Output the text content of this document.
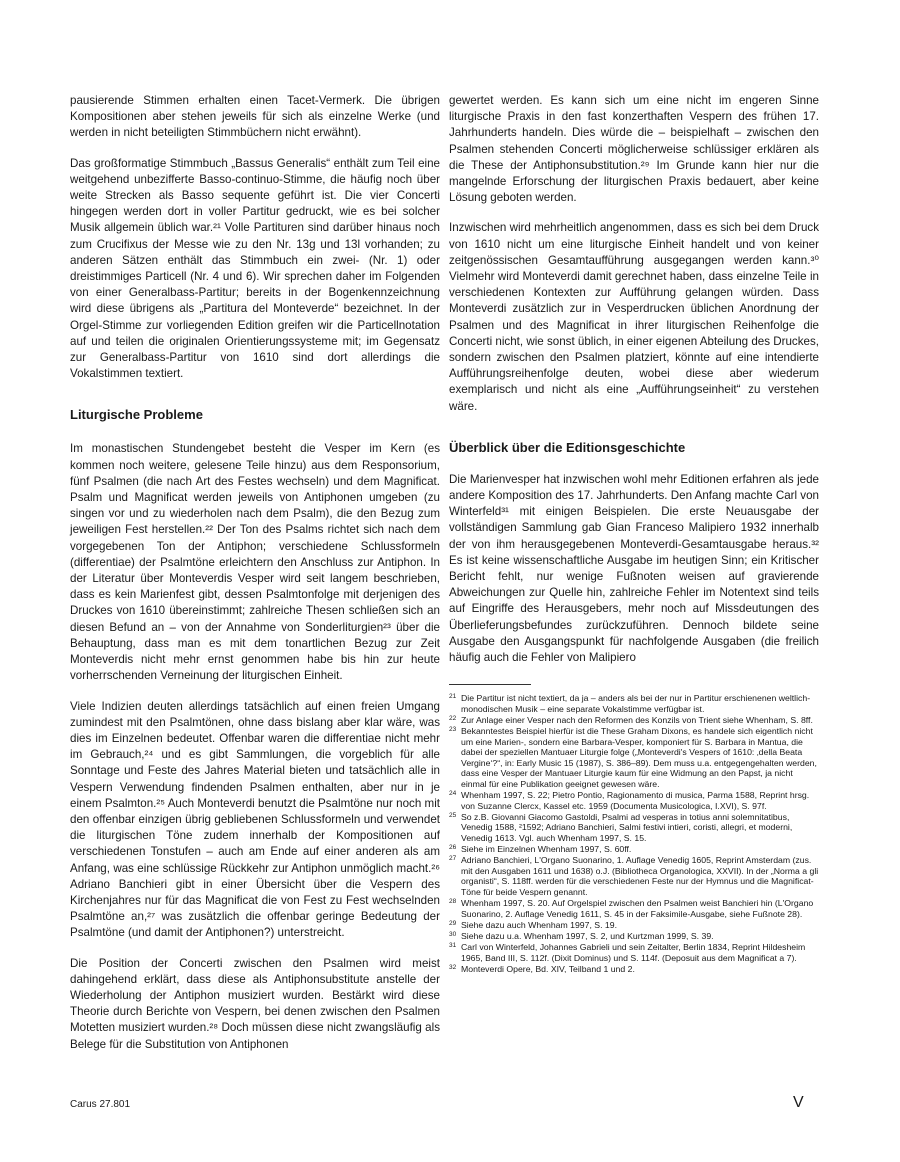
pausierende Stimmen erhalten einen Tacet-Vermerk. Die übrigen Kompositionen aber stehen jeweils für sich als einzelne Werke (und werden in nicht beteiligten Stimmbüchern nicht erwähnt).

Das großformatige Stimmbuch „Bassus Generalis“ enthält zum Teil eine weitgehend unbezifferte Basso-continuo-Stimme, die häufig noch über weite Strecken als Basso sequente geführt ist. Die vier Concerti hingegen werden dort in voller Partitur gedruckt, wie es bei solcher Musik allgemein üblich war.²¹ Volle Partituren sind darüber hinaus noch zum Crucifixus der Messe wie zu den Nr. 13g und 13l vorhanden; zu anderen Sätzen enthält das Stimmbuch ein zwei- (Nr. 1) oder dreistimmiges Particell (Nr. 4 und 6). Wir sprechen daher im Folgenden von einer Generalbass-Partitur; bereits in der Bogenkennzeichnung wird diese übrigens als „Partitura del Monteverde“ bezeichnet. In der Orgel-Stimme zur vorliegenden Edition greifen wir die Particellnotation auf und teilen die originalen Orientierungssysteme mit; im Gegensatz zur Generalbass-Partitur von 1610 sind dort allerdings die Vokalstimmen textiert.

Liturgische Probleme

Im monastischen Stundengebet besteht die Vesper im Kern (es kommen noch weitere, gelesene Teile hinzu) aus dem Responsorium, fünf Psalmen (die nach Art des Festes wechseln) und dem Magnificat. Psalm und Magnificat werden jeweils von Antiphonen umgeben (zu singen vor und zu wiederholen nach dem Psalm), die den Bezug zum jeweiligen Fest herstellen.²² Der Ton des Psalms richtet sich nach dem vorgegebenen Ton der Antiphon; verschiedene Schlussformeln (differentiae) der Psalmtöne erleichtern den Anschluss zur Antiphon. In der Literatur über Monteverdis Vesper wird seit langem beschrieben, dass es kein Marienfest gibt, dessen Psalmtonfolge mit derjenigen des Druckes von 1610 übereinstimmt; zahlreiche Thesen schließen sich an diesen Befund an – von der Annahme von Sonderliturgien²³ über die Behauptung, dass man es mit dem tonartlichen Bezug zur Zeit Monteverdis nicht mehr ernst genommen habe bis hin zur heute vorherrschenden Verneinung der liturgischen Einheit.

Viele Indizien deuten allerdings tatsächlich auf einen freien Umgang zumindest mit den Psalmtönen, ohne dass bislang aber klar wäre, was dies im Einzelnen bedeutet. Offenbar waren die differentiae nicht mehr im Gebrauch,²⁴ und es gibt Sammlungen, die vorgeblich für alle Sonntage und Feste des Jahres Material bieten und tatsächlich alle in Vespern Verwendung findenden Psalmen enthalten, aber nur in je einem Psalmton.²⁵ Auch Monteverdi benutzt die Psalmtöne nur noch mit den offenbar einzigen übrig gebliebenen Schlussformeln und verwendet die liturgischen Töne zudem innerhalb der Kompositionen auf verschiedenen Tonstufen – auch am Ende auf einer anderen als am Anfang, was eine schlüssige Rückkehr zur Antiphon unmöglich macht.²⁶ Adriano Banchieri gibt in einer Übersicht über die Vespern des Kirchenjahres nur für das Magnificat die von Fest zu Fest wechselnden Psalmtöne an,²⁷ was zusätzlich die offenbar geringe Bedeutung der Psalmtöne (und damit der Antiphonen?) unterstreicht.

Die Position der Concerti zwischen den Psalmen wird meist dahingehend erklärt, dass diese als Antiphonsubstitute anstelle der Wiederholung der Antiphon musiziert wurden. Bestärkt wird diese Theorie durch Berichte von Vespern, bei denen zwischen den Psalmen Motetten musiziert wurden.²⁸ Doch müssen diese nicht zwangsläufig als Belege für die Substitution von Antiphonen

gewertet werden. Es kann sich um eine nicht im engeren Sinne liturgische Praxis in den fast konzerthaften Vespern des frühen 17. Jahrhunderts handeln. Dies würde die – beispielhaft – zwischen den Psalmen stehenden Concerti möglicherweise schlüssiger erklären als die These der Antiphonsubstitution.²⁹ Im Grunde kann hier nur die mangelnde Erforschung der liturgischen Praxis bedauert, aber keine Lösung geboten werden.

Inzwischen wird mehrheitlich angenommen, dass es sich bei dem Druck von 1610 nicht um eine liturgische Einheit handelt und von keiner zeitgenössischen Gesamtaufführung ausgegangen werden kann.³⁰ Vielmehr wird Monteverdi damit gerechnet haben, dass einzelne Teile in verschiedenen Kontexten zur Aufführung gelangen würden. Dass Monteverdi zusätzlich zur in Vesperdrucken üblichen Anordnung der Psalmen und des Magnificat in ihrer liturgischen Reihenfolge die Concerti nicht, wie sonst üblich, in einer eigenen Abteilung des Druckes, sondern zwischen den Psalmen platziert, könnte auf eine intendierte Aufführungsreihenfolge deuten, wobei diese aber wiederum exemplarisch und nicht als eine „Aufführungseinheit“ zu verstehen wäre.

Überblick über die Editionsgeschichte

Die Marienvesper hat inzwischen wohl mehr Editionen erfahren als jede andere Komposition des 17. Jahrhunderts. Den Anfang machte Carl von Winterfeld³¹ mit einigen Beispielen. Die erste Neuausgabe der vollständigen Sammlung gab Gian Franceso Malipiero 1932 innerhalb der von ihm herausgegebenen Monteverdi-Gesamtausgabe heraus.³² Es ist keine wissenschaftliche Ausgabe im heutigen Sinn; ein Kritischer Bericht fehlt, nur wenige Fußnoten weisen auf gravierende Abweichungen zur Quelle hin, zahlreiche Fehler im Notentext sind teils auf Eingriffe des Herausgebers, mehr noch auf Missdeutungen des Überlieferungsbefundes zurückzuführen. Dennoch bildete seine Ausgabe den Ausgangspunkt für nachfolgende Ausgaben (die freilich häufig auch die Fehler von Malipiero

21 Die Partitur ist nicht textiert, da ja – anders als bei der nur in Partitur erschienenen weltlich-monodischen Musik – eine separate Vokalstimme verfügbar ist.
22 Zur Anlage einer Vesper nach den Reformen des Konzils von Trient siehe Whenham, S. 8ff.
23 Bekanntestes Beispiel hierfür ist die These Graham Dixons, es handele sich eigentlich nicht um eine Marien-, sondern eine Barbara-Vesper, komponiert für S. Barbara in Mantua, die dabei der speziellen Mantuaer Liturgie folge („Monteverdi's Vespers of 1610: ‚della Beata Vergine‘?“, in: Early Music 15 (1987), S. 386–89). Dem muss u.a. entgegengehalten werden, dass eine Vesper der Mantuaer Liturgie kaum für eine Widmung an den Papst, ja nicht einmal für eine Publikation geeignet gewesen wäre.
24 Whenham 1997, S. 22; Pietro Pontio, Ragionamento di musica, Parma 1588, Reprint hrsg. von Suzanne Clercx, Kassel etc. 1959 (Documenta Musicologica, I.XVI), S. 97f.
25 So z.B. Giovanni Giacomo Gastoldi, Psalmi ad vesperas in totius anni solemnitatibus, Venedig 1588, ²1592; Adriano Banchieri, Salmi festivi intieri, coristi, allegri, et moderni, Venedig 1613. Vgl. auch Whenham 1997, S. 15.
26 Siehe im Einzelnen Whenham 1997, S. 60ff.
27 Adriano Banchieri, L'Organo Suonarino, 1. Auflage Venedig 1605, Reprint Amsterdam (zus. mit den Ausgaben 1611 und 1638) o.J. (Bibliotheca Organologica, XXVII). In der „Norma a gli organisti“, S. 118ff. werden für die verschiedenen Feste nur der Hymnus und die Magnificat-Töne für beide Vespern genannt.
28 Whenham 1997, S. 20. Auf Orgelspiel zwischen den Psalmen weist Banchieri hin (L'Organo Suonarino, 2. Auflage Venedig 1611, S. 45 in der Faksimile-Ausgabe, siehe Fußnote 28).
29 Siehe dazu auch Whenham 1997, S. 19.
30 Siehe dazu u.a. Whenham 1997, S. 2, und Kurtzman 1999, S. 39.
31 Carl von Winterfeld, Johannes Gabrieli und sein Zeitalter, Berlin 1834, Reprint Hildesheim 1965, Band III, S. 112f. (Dixit Dominus) und S. 114f. (Deposuit aus dem Magnificat a 7).
32 Monteverdi Opere, Bd. XIV, Teilband 1 und 2.
Carus 27.801	V
